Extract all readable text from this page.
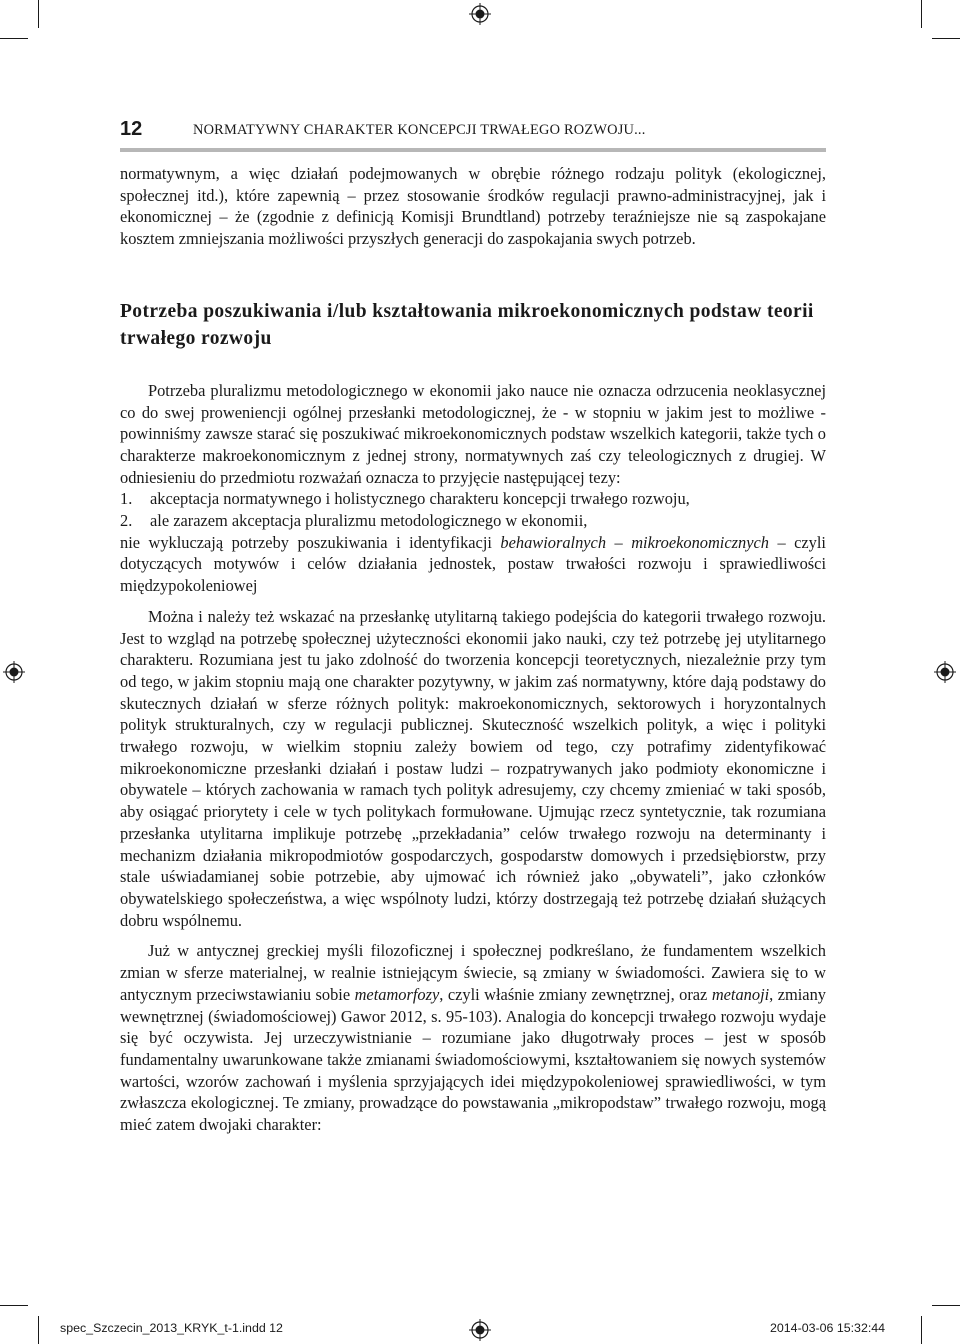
12	NORMATYWNY CHARAKTER KONCEPCJI TRWAŁEGO ROZWOJU...

normatywnym, a więc działań podejmowanych w obrębie różnego rodzaju polityk (ekologicznej, społecznej itd.), które zapewnią – przez stosowanie środków regulacji prawno-administracyjnej, jak i ekonomicznej – że (zgodnie z definicją Komisji Brundtland) potrzeby teraźniejsze nie są zaspokajane kosztem zmniejszania możliwości przyszłych generacji do zaspokajania swych potrzeb.

Potrzeba poszukiwania i/lub kształtowania mikroekonomicznych podstaw teorii trwałego rozwoju

Potrzeba pluralizmu metodologicznego w ekonomii jako nauce nie oznacza odrzucenia neoklasycznej co do swej proweniencji ogólnej przesłanki metodologicznej, że - w stopniu w jakim jest to możliwe - powinniśmy zawsze starać się poszukiwać mikroekonomicznych podstaw wszelkich kategorii, także tych o charakterze makroekonomicznym z jednej strony, normatywnych zaś czy teleologicznych z drugiej. W odniesieniu do przedmiotu rozważań oznacza to przyjęcie następującej tezy:

1. akceptacja normatywnego i holistycznego charakteru koncepcji trwałego rozwoju,
2. ale zarazem akceptacja pluralizmu metodologicznego w ekonomii,

nie wykluczają potrzeby poszukiwania i identyfikacji behawioralnych – mikroekonomicznych – czyli dotyczących motywów i celów działania jednostek, postaw trwałości rozwoju i sprawiedliwości międzypokoleniowej

Można i należy też wskazać na przesłankę utylitarną takiego podejścia do kategorii trwałego rozwoju. Jest to wzgląd na potrzebę społecznej użyteczności ekonomii jako nauki, czy też potrzebę jej utylitarnego charakteru. Rozumiana jest tu jako zdolność do tworzenia koncepcji teoretycznych, niezależnie przy tym od tego, w jakim stopniu mają one charakter pozytywny, w jakim zaś normatywny, które dają podstawy do skutecznych działań w sferze różnych polityk: makroekonomicznych, sektorowych i horyzontalnych polityk strukturalnych, czy w regulacji publicznej. Skuteczność wszelkich polityk, a więc i polityki trwałego rozwoju, w wielkim stopniu zależy bowiem od tego, czy potrafimy zidentyfikować mikroekonomiczne przesłanki działań i postaw ludzi – rozpatrywanych jako podmioty ekonomiczne i obywatele – których zachowania w ramach tych polityk adresujemy, czy chcemy zmieniać w taki sposób, aby osiągać priorytety i cele w tych politykach formułowane. Ujmując rzecz syntetycznie, tak rozumiana przesłanka utylitarna implikuje potrzebę „przekładania” celów trwałego rozwoju na determinanty i mechanizm działania mikropodmiotów gospodarczych, gospodarstw domowych i przedsiębiorstw, przy stale uświadamianej sobie potrzebie, aby ujmować ich również jako „obywateli”, jako członków obywatelskiego społeczeństwa, a więc wspólnoty ludzi, którzy dostrzegają też potrzebę działań służących dobru wspólnemu.

Już w antycznej greckiej myśli filozoficznej i społecznej podkreślano, że fundamentem wszelkich zmian w sferze materialnej, w realnie istniejącym świecie, są zmiany w świadomości. Zawiera się to w antycznym przeciwstawianiu sobie metamorfozy, czyli właśnie zmiany zewnętrznej, oraz metanoji, zmiany wewnętrznej (świadomościowej) Gawor 2012, s. 95-103). Analogia do koncepcji trwałego rozwoju wydaje się być oczywista. Jej urzeczywistnianie – rozumiane jako długotrwały proces – jest w sposób fundamentalny uwarunkowane także zmianami świadomościowymi, kształtowaniem się nowych systemów wartości, wzorów zachowań i myślenia sprzyjających idei międzypokoleniowej sprawiedliwości, w tym zwłaszcza ekologicznej. Te zmiany, prowadzące do powstawania „mikropodstaw” trwałego rozwoju, mogą mieć zatem dwojaki charakter:

spec_Szczecin_2013_KRYK_t-1.indd 12	2014-03-06 15:32:44
